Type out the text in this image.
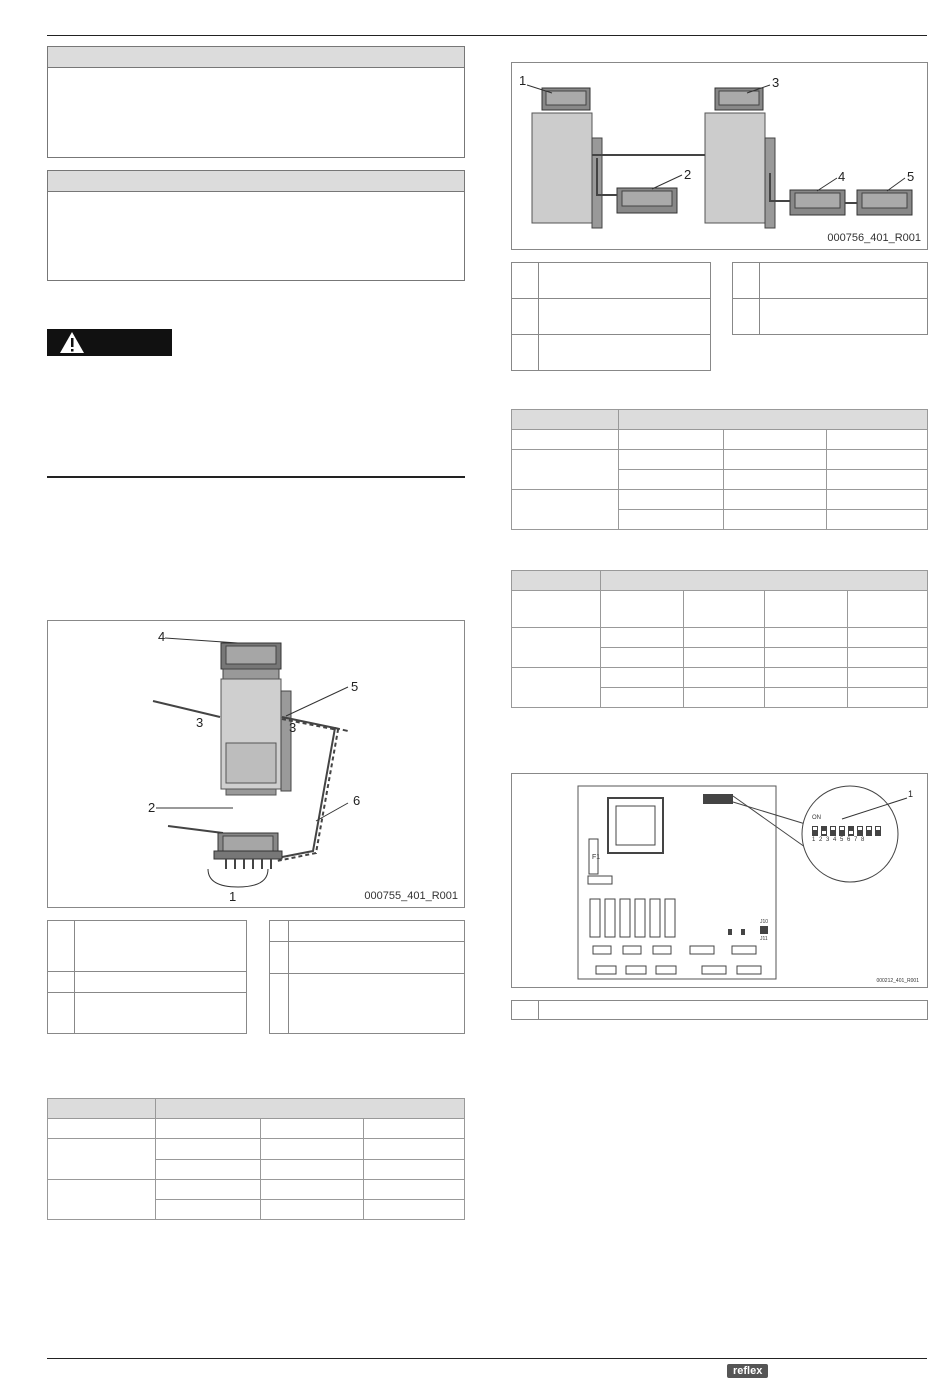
4
5
3	3
2	6
1	000755_401_R001

1	3
2	4	5
000756_401_R001

1
F1
ON
1 2 3 4 5 6 7 8
J10
J11
000212_401_R001

reflex
